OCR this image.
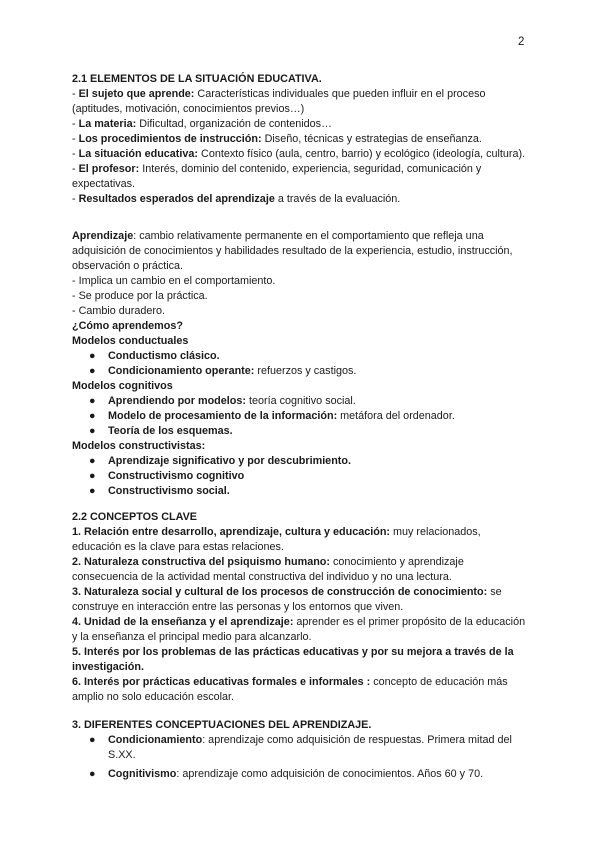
2
2.1 ELEMENTOS DE LA SITUACIÓN EDUCATIVA.
- El sujeto que aprende: Características individuales que pueden influir en el proceso (aptitudes, motivación, conocimientos previos…)
- La materia: Dificultad, organización de contenidos…
- Los procedimientos de instrucción: Diseño, técnicas y estrategias de enseñanza.
- La situación educativa: Contexto físico (aula, centro, barrio) y ecológico (ideología, cultura).
- El profesor: Interés, dominio del contenido, experiencia, seguridad, comunicación y expectativas.
- Resultados esperados del aprendizaje a través de la evaluación.
Aprendizaje: cambio relativamente permanente en el comportamiento que refleja una adquisición de conocimientos y habilidades resultado de la experiencia, estudio, instrucción, observación o práctica.
- Implica un cambio en el comportamiento.
- Se produce por la práctica.
- Cambio duradero.
¿Cómo aprendemos?
Modelos conductuales
● Conductismo clásico.
● Condicionamiento operante: refuerzos y castigos.
Modelos cognitivos
● Aprendiendo por modelos: teoría cognitivo social.
● Modelo de procesamiento de la información: metáfora del ordenador.
● Teoría de los esquemas.
Modelos constructivistas:
● Aprendizaje significativo y por descubrimiento.
● Constructivismo cognitivo
● Constructivismo social.
2.2 CONCEPTOS CLAVE
1. Relación entre desarrollo, aprendizaje, cultura y educación: muy relacionados, educación es la clave para estas relaciones.
2. Naturaleza constructiva del psiquismo humano: conocimiento y aprendizaje consecuencia de la actividad mental constructiva del individuo y no una lectura.
3. Naturaleza social y cultural de los procesos de construcción de conocimiento: se construye en interacción entre las personas y los entornos que viven.
4. Unidad de la enseñanza y el aprendizaje: aprender es el primer propósito de la educación y la enseñanza el principal medio para alcanzarlo.
5. Interés por los problemas de las prácticas educativas y por su mejora a través de la investigación.
6. Interés por prácticas educativas formales e informales : concepto de educación más amplio no solo educación escolar.
3. DIFERENTES CONCEPTUACIONES DEL APRENDIZAJE.
● Condicionamiento: aprendizaje como adquisición de respuestas. Primera mitad del S.XX.
● Cognitivismo: aprendizaje como adquisición de conocimientos. Años 60 y 70.
